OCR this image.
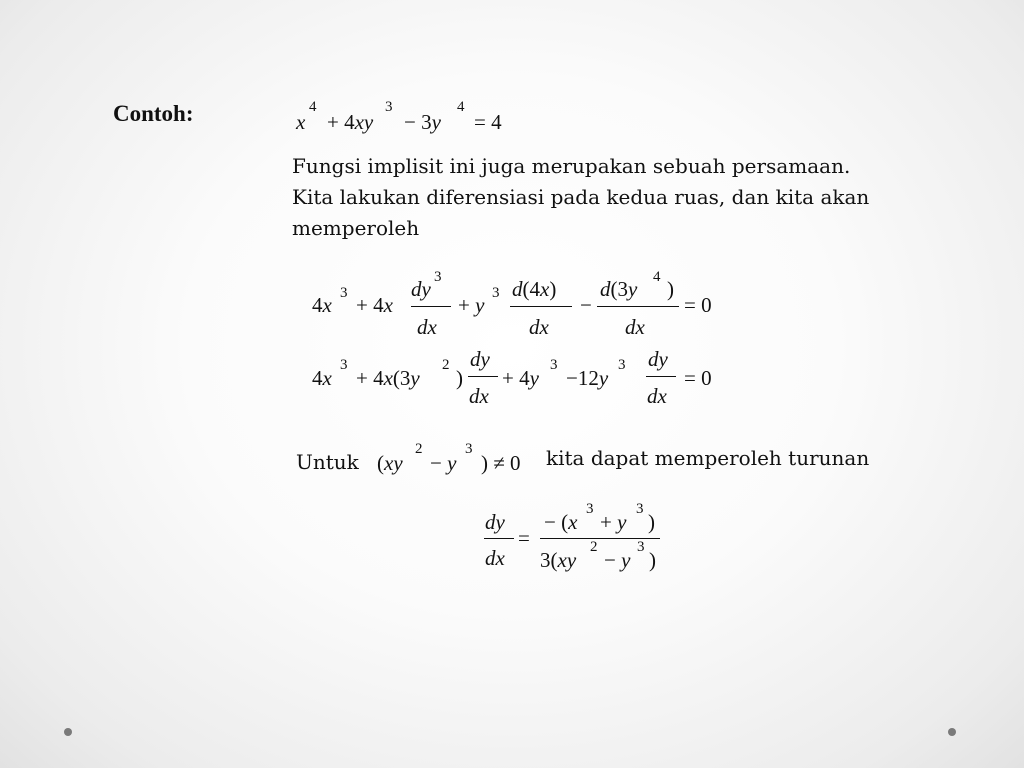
Contoh:	x
4
+ 4xy
3
− 3y
4
= 4
Fungsi implisit ini juga merupakan sebuah persamaan. Kita lakukan diferensiasi pada kedua ruas, dan kita akan memperoleh
4x 3 + 4x
dy 3
dx
+ y 3 d(4x)
dx
−
d(3y 4 )
dx
= 0
4x
3
+ 4x(3y
2
)
dy
dx
+ 4y
3
−12y
3 dy
dx
= 0
Untuk (xy
2
− y
3
) ≠ 0 kita dapat memperoleh turunan
dy
dx
=
− (x
3
+ y
3
)
3(xy
2
− y
3
)
